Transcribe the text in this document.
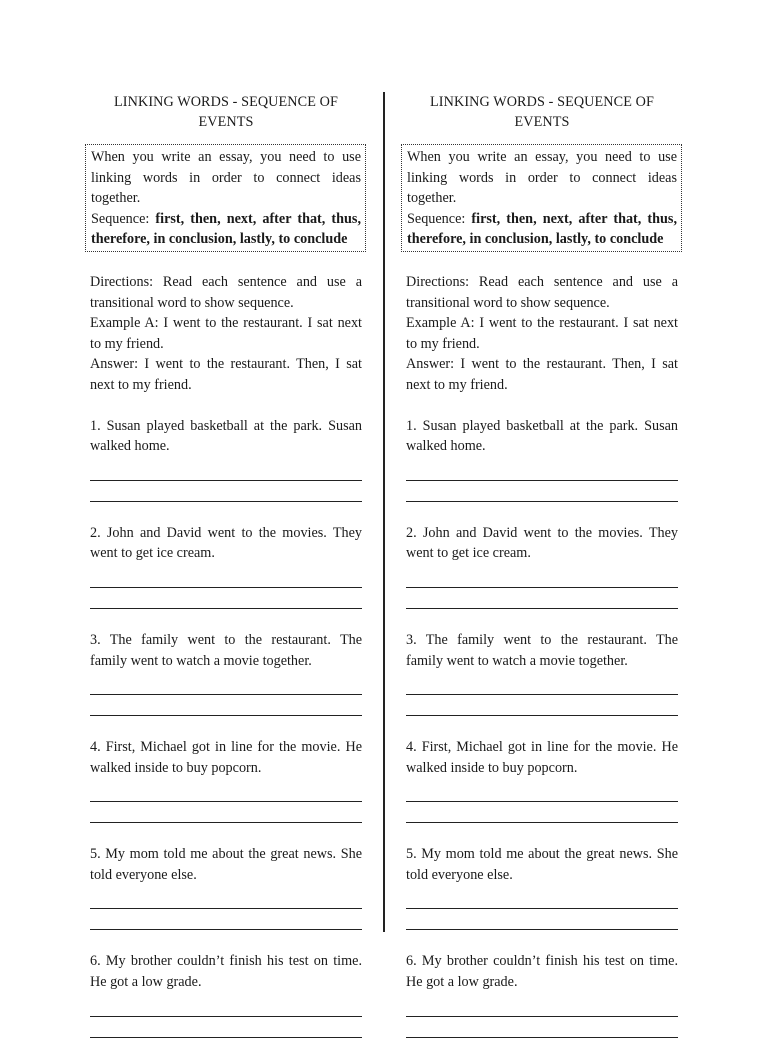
LINKING WORDS - SEQUENCE OF
EVENTS

When you write an essay, you need to use linking words in order to connect ideas together.

Sequence: first, then, next, after that, thus, therefore, in conclusion, lastly, to conclude

Directions: Read each sentence and use a transitional word to show sequence.

Example A: I went to the restaurant. I sat next to my friend.

Answer: I went to the restaurant. Then, I sat next to my friend.

1. Susan played basketball at the park. Susan walked home.

2. John and David went to the movies. They went to get ice cream.

3. The family went to the restaurant. The family went to watch a movie together.

4. First, Michael got in line for the movie. He walked inside to buy popcorn.

5. My mom told me about the great news. She told everyone else.

6. My brother couldn’t finish his test on time. He got a low grade.

LINKING WORDS - SEQUENCE OF
EVENTS

When you write an essay, you need to use linking words in order to connect ideas together.

Sequence: first, then, next, after that, thus, therefore, in conclusion, lastly, to conclude

Directions: Read each sentence and use a transitional word to show sequence.

Example A: I went to the restaurant. I sat next to my friend.

Answer: I went to the restaurant. Then, I sat next to my friend.

1. Susan played basketball at the park. Susan walked home.

2. John and David went to the movies. They went to get ice cream.

3. The family went to the restaurant. The family went to watch a movie together.

4. First, Michael got in line for the movie. He walked inside to buy popcorn.

5. My mom told me about the great news. She told everyone else.

6. My brother couldn’t finish his test on time. He got a low grade.
